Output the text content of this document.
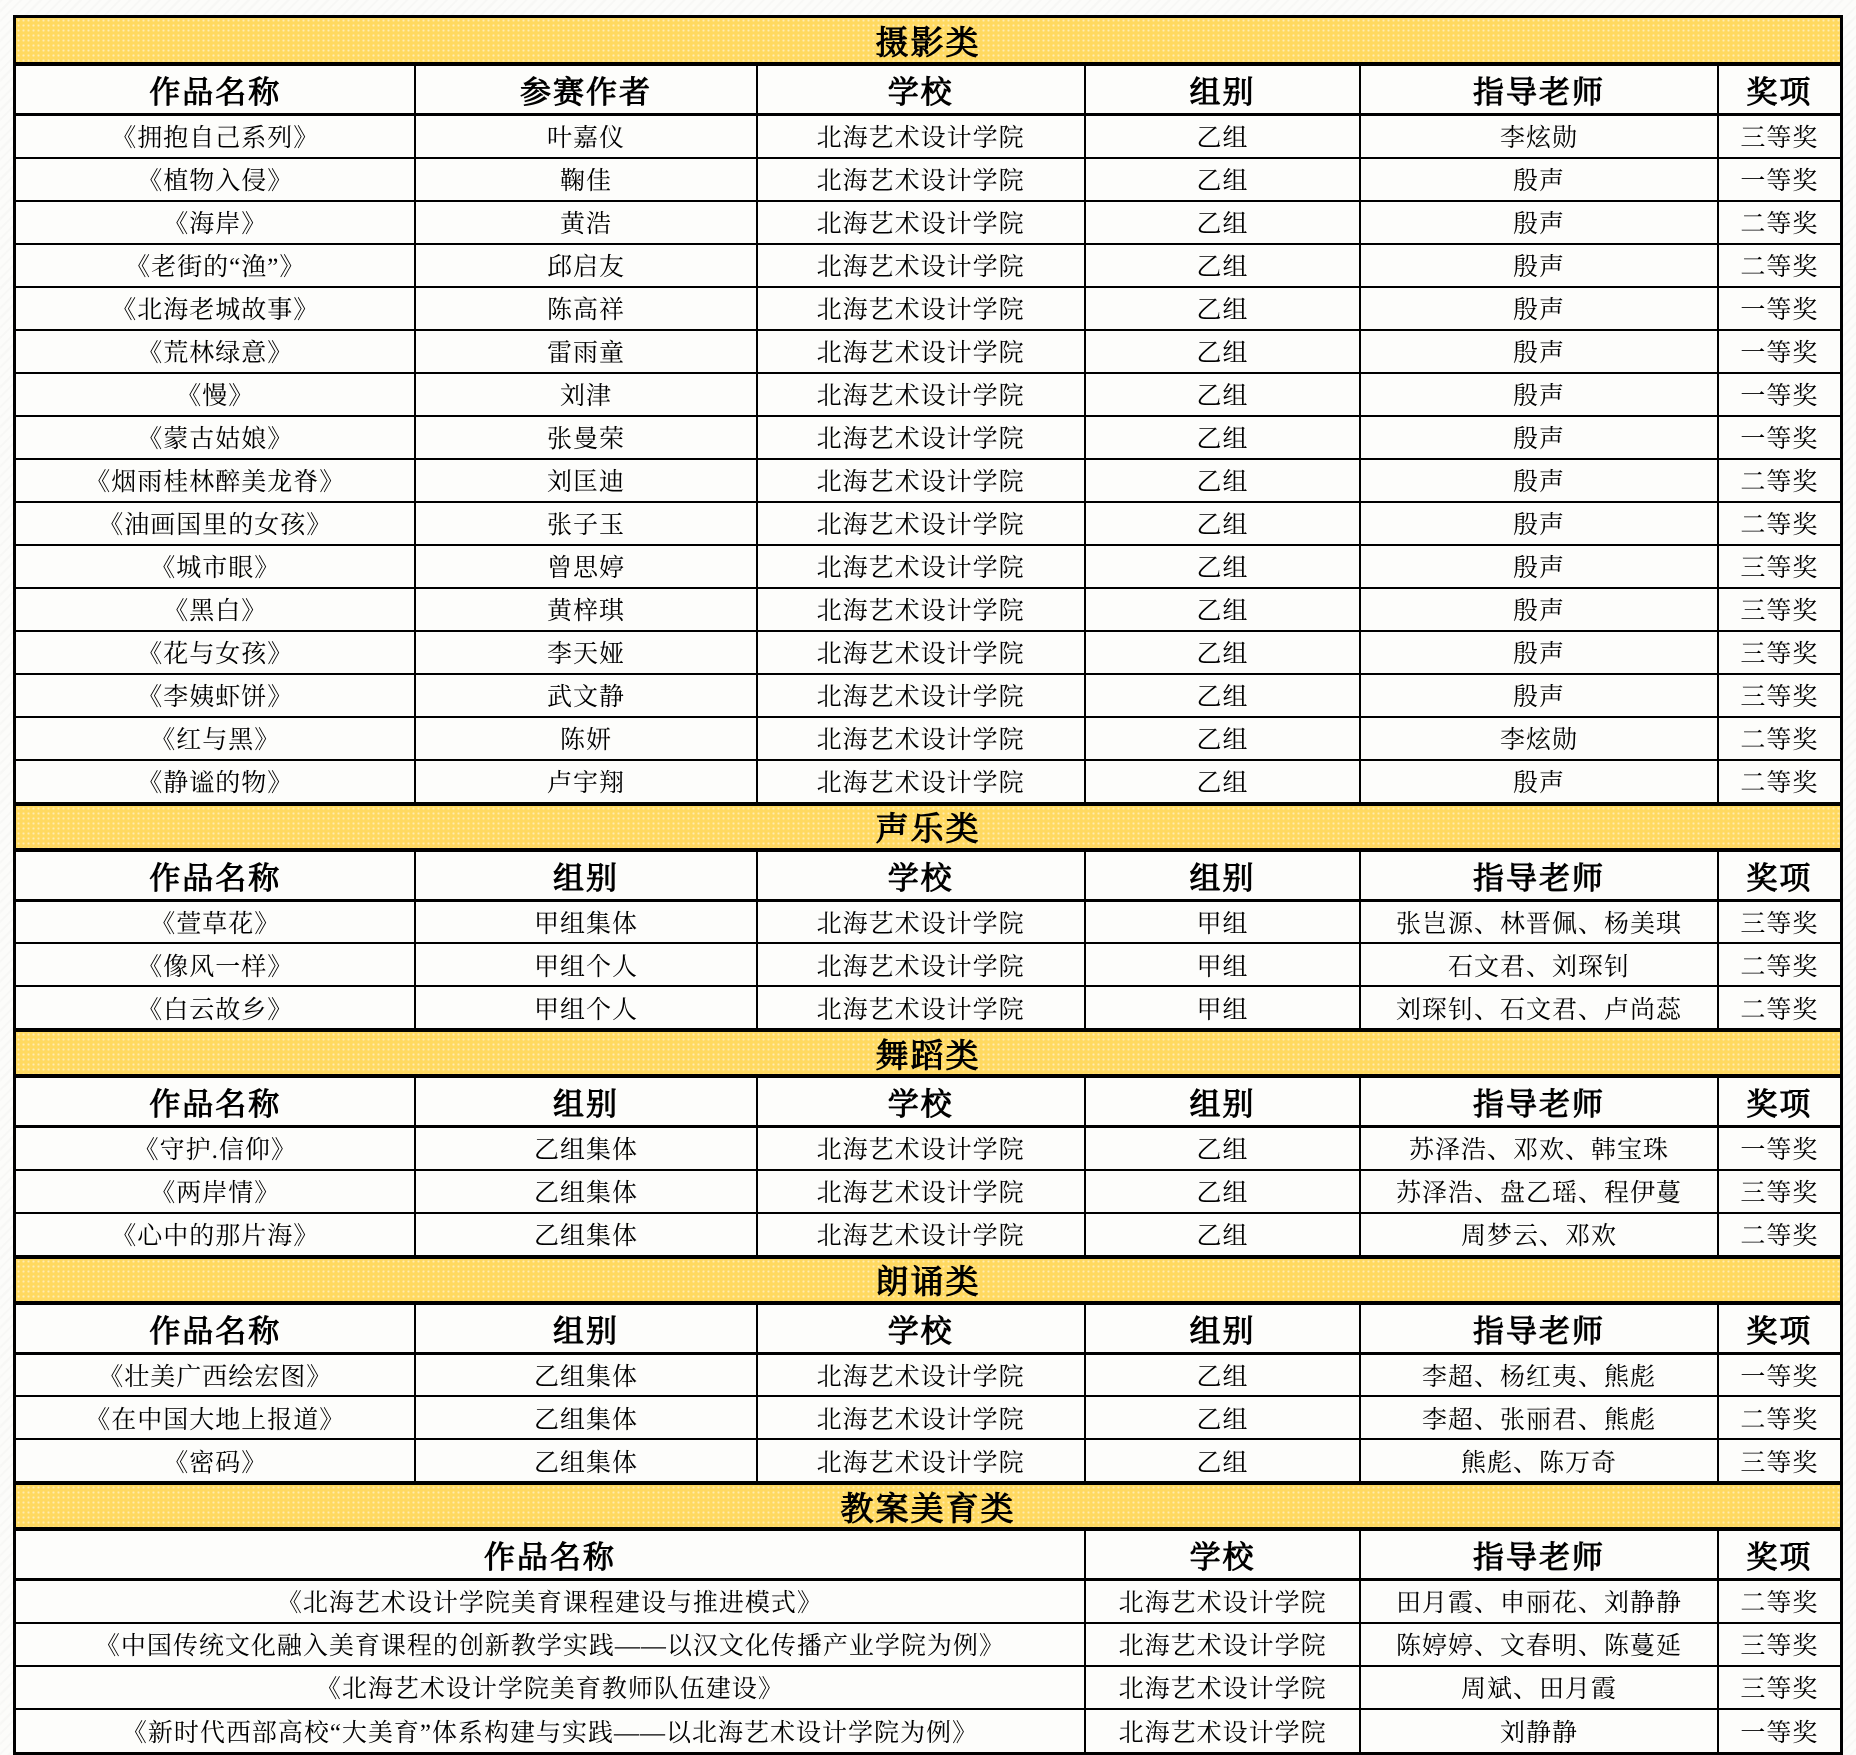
摄影类
作品名称	参赛作者	学校	组别	指导老师	奖项
《拥抱自己系列》	叶嘉仪	北海艺术设计学院	乙组	李炫勋	三等奖
《植物入侵》	鞠佳	北海艺术设计学院	乙组	殷声	一等奖
《海岸》	黄浩	北海艺术设计学院	乙组	殷声	二等奖
《老街的“渔”》	邱启友	北海艺术设计学院	乙组	殷声	二等奖
《北海老城故事》	陈高祥	北海艺术设计学院	乙组	殷声	一等奖
《荒林绿意》	雷雨童	北海艺术设计学院	乙组	殷声	一等奖
《慢》	刘津	北海艺术设计学院	乙组	殷声	一等奖
《蒙古姑娘》	张曼荣	北海艺术设计学院	乙组	殷声	一等奖
《烟雨桂林醉美龙脊》	刘匡迪	北海艺术设计学院	乙组	殷声	二等奖
《油画国里的女孩》	张子玉	北海艺术设计学院	乙组	殷声	二等奖
《城市眼》	曾思婷	北海艺术设计学院	乙组	殷声	三等奖
《黑白》	黄梓琪	北海艺术设计学院	乙组	殷声	三等奖
《花与女孩》	李天娅	北海艺术设计学院	乙组	殷声	三等奖
《李姨虾饼》	武文静	北海艺术设计学院	乙组	殷声	三等奖
《红与黑》	陈妍	北海艺术设计学院	乙组	李炫勋	二等奖
《静谧的物》	卢宇翔	北海艺术设计学院	乙组	殷声	二等奖
声乐类
作品名称	组别	学校	组别	指导老师	奖项
《萱草花》	甲组集体	北海艺术设计学院	甲组	张岂源、林晋佩、杨美琪	三等奖
《像风一样》	甲组个人	北海艺术设计学院	甲组	石文君、刘琛钊	二等奖
《白云故乡》	甲组个人	北海艺术设计学院	甲组	刘琛钊、石文君、卢尚蕊	二等奖
舞蹈类
作品名称	组别	学校	组别	指导老师	奖项
《守护.信仰》	乙组集体	北海艺术设计学院	乙组	苏泽浩、邓欢、韩宝珠	一等奖
《两岸情》	乙组集体	北海艺术设计学院	乙组	苏泽浩、盘乙瑶、程伊蔓	三等奖
《心中的那片海》	乙组集体	北海艺术设计学院	乙组	周梦云、邓欢	二等奖
朗诵类
作品名称	组别	学校	组别	指导老师	奖项
《壮美广西绘宏图》	乙组集体	北海艺术设计学院	乙组	李超、杨红夷、熊彪	一等奖
《在中国大地上报道》	乙组集体	北海艺术设计学院	乙组	李超、张丽君、熊彪	二等奖
《密码》	乙组集体	北海艺术设计学院	乙组	熊彪、陈万奇	三等奖
教案美育类
作品名称	学校	指导老师	奖项
《北海艺术设计学院美育课程建设与推进模式》	北海艺术设计学院	田月霞、申丽花、刘静静	二等奖
《中国传统文化融入美育课程的创新教学实践——以汉文化传播产业学院为例》	北海艺术设计学院	陈婷婷、文春明、陈蔓延	三等奖
《北海艺术设计学院美育教师队伍建设》	北海艺术设计学院	周斌、田月霞	三等奖
《新时代西部高校“大美育”体系构建与实践——以北海艺术设计学院为例》	北海艺术设计学院	刘静静	一等奖
